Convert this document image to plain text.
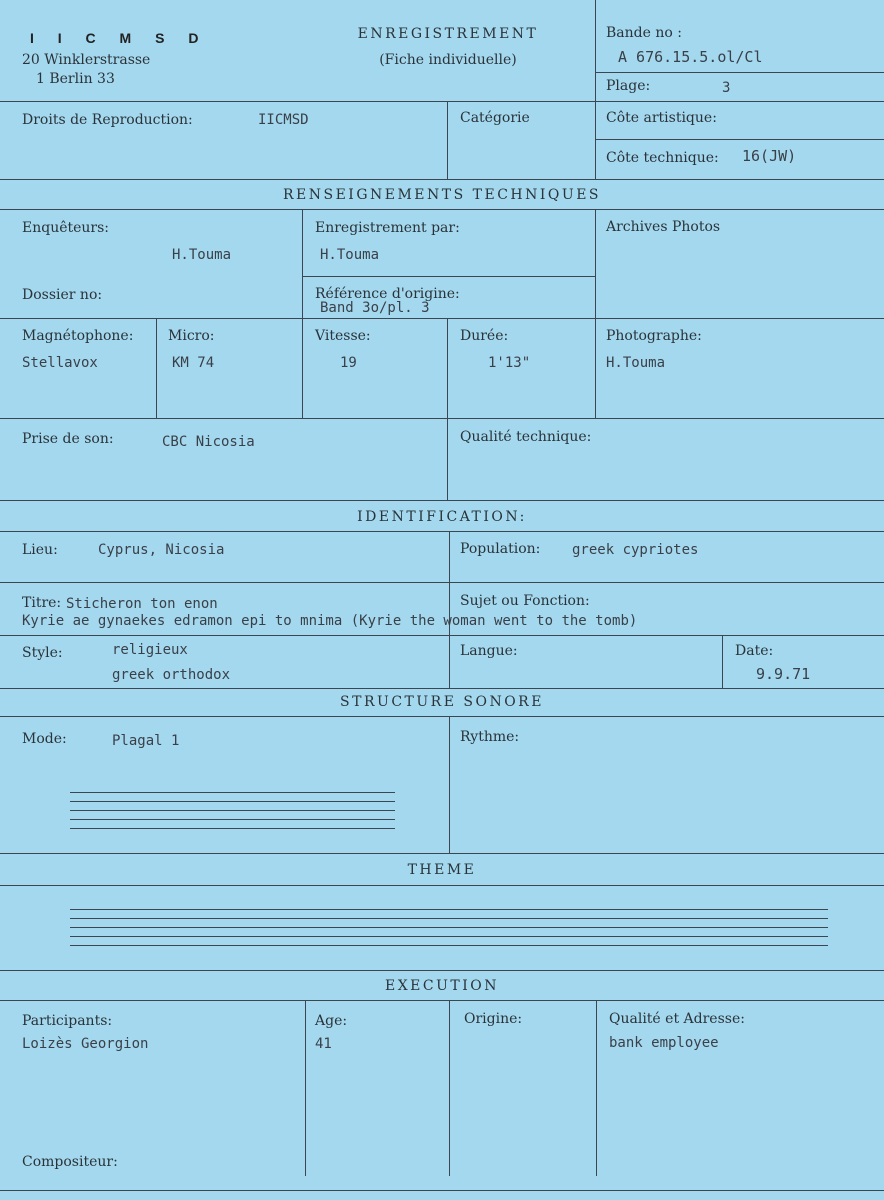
I I C M S D
20 Winklerstrasse
1 Berlin 33
ENREGISTREMENT
(Fiche individuelle)
Bande no :
A 676.15.5.ol/Cl
Plage:	3
Droits de Reproduction:	IICMSD	Catégorie	Côte artistique:
Côte technique: 16(JW)
RENSEIGNEMENTS TECHNIQUES
Enquêteurs:
H.Touma
Enregistrement par:
H.Touma
Archives Photos
Dossier no:	Référence d'origine:
Band 3o/pl. 3
Magnétophone:
Stellavox
Micro:
KM 74
Vitesse:
19
Durée:
1'13"
Photographe:
H.Touma
Prise de son:	CBC Nicosia	Qualité technique:
IDENTIFICATION:
Lieu:	Cyprus, Nicosia	Population: greek cypriotes
Titre: Sticheron ton enon	Sujet ou Fonction:
Kyrie ae gynaekes edramon epi to mnima (Kyrie the woman went to the tomb)
Style:	religieux
greek orthodox
Langue:	Date:
9.9.71
STRUCTURE SONORE
Mode:	Plagal 1	Rythme:
THEME
EXECUTION
Participants:
Loizès Georgion
Age:
41
Origine:	Qualité et Adresse:
bank employee
Compositeur:
